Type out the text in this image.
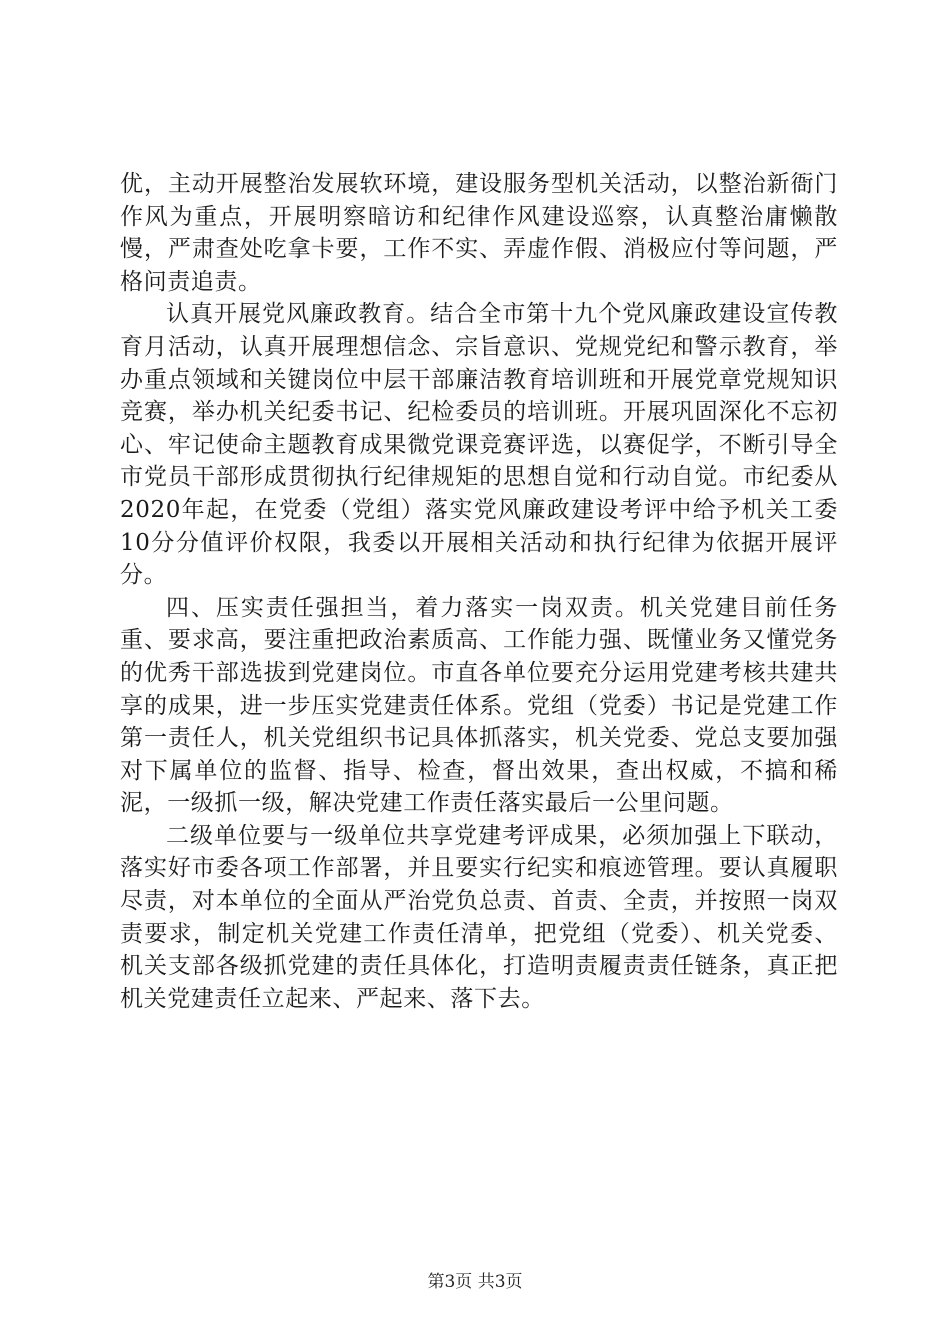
优，主动开展整治发展软环境，建设服务型机关活动，以整治新衙门作风为重点，开展明察暗访和纪律作风建设巡察，认真整治庸懒散慢，严肃查处吃拿卡要，工作不实、弄虚作假、消极应付等问题，严格问责追责。

认真开展党风廉政教育。结合全市第十九个党风廉政建设宣传教育月活动，认真开展理想信念、宗旨意识、党规党纪和警示教育，举办重点领域和关键岗位中层干部廉洁教育培训班和开展党章党规知识竞赛，举办机关纪委书记、纪检委员的培训班。开展巩固深化不忘初心、牢记使命主题教育成果微党课竞赛评选，以赛促学，不断引导全市党员干部形成贯彻执行纪律规矩的思想自觉和行动自觉。市纪委从2020年起，在党委（党组）落实党风廉政建设考评中给予机关工委10分分值评价权限，我委以开展相关活动和执行纪律为依据开展评分。

四、压实责任强担当，着力落实一岗双责。机关党建目前任务重、要求高，要注重把政治素质高、工作能力强、既懂业务又懂党务的优秀干部选拔到党建岗位。市直各单位要充分运用党建考核共建共享的成果，进一步压实党建责任体系。党组（党委）书记是党建工作第一责任人，机关党组织书记具体抓落实，机关党委、党总支要加强对下属单位的监督、指导、检查，督出效果，查出权威，不搞和稀泥，一级抓一级，解决党建工作责任落实最后一公里问题。

二级单位要与一级单位共享党建考评成果，必须加强上下联动，落实好市委各项工作部署，并且要实行纪实和痕迹管理。要认真履职尽责，对本单位的全面从严治党负总责、首责、全责，并按照一岗双责要求，制定机关党建工作责任清单，把党组（党委）、机关党委、机关支部各级抓党建的责任具体化，打造明责履责责任链条，真正把机关党建责任立起来、严起来、落下去。

第3页 共3页
